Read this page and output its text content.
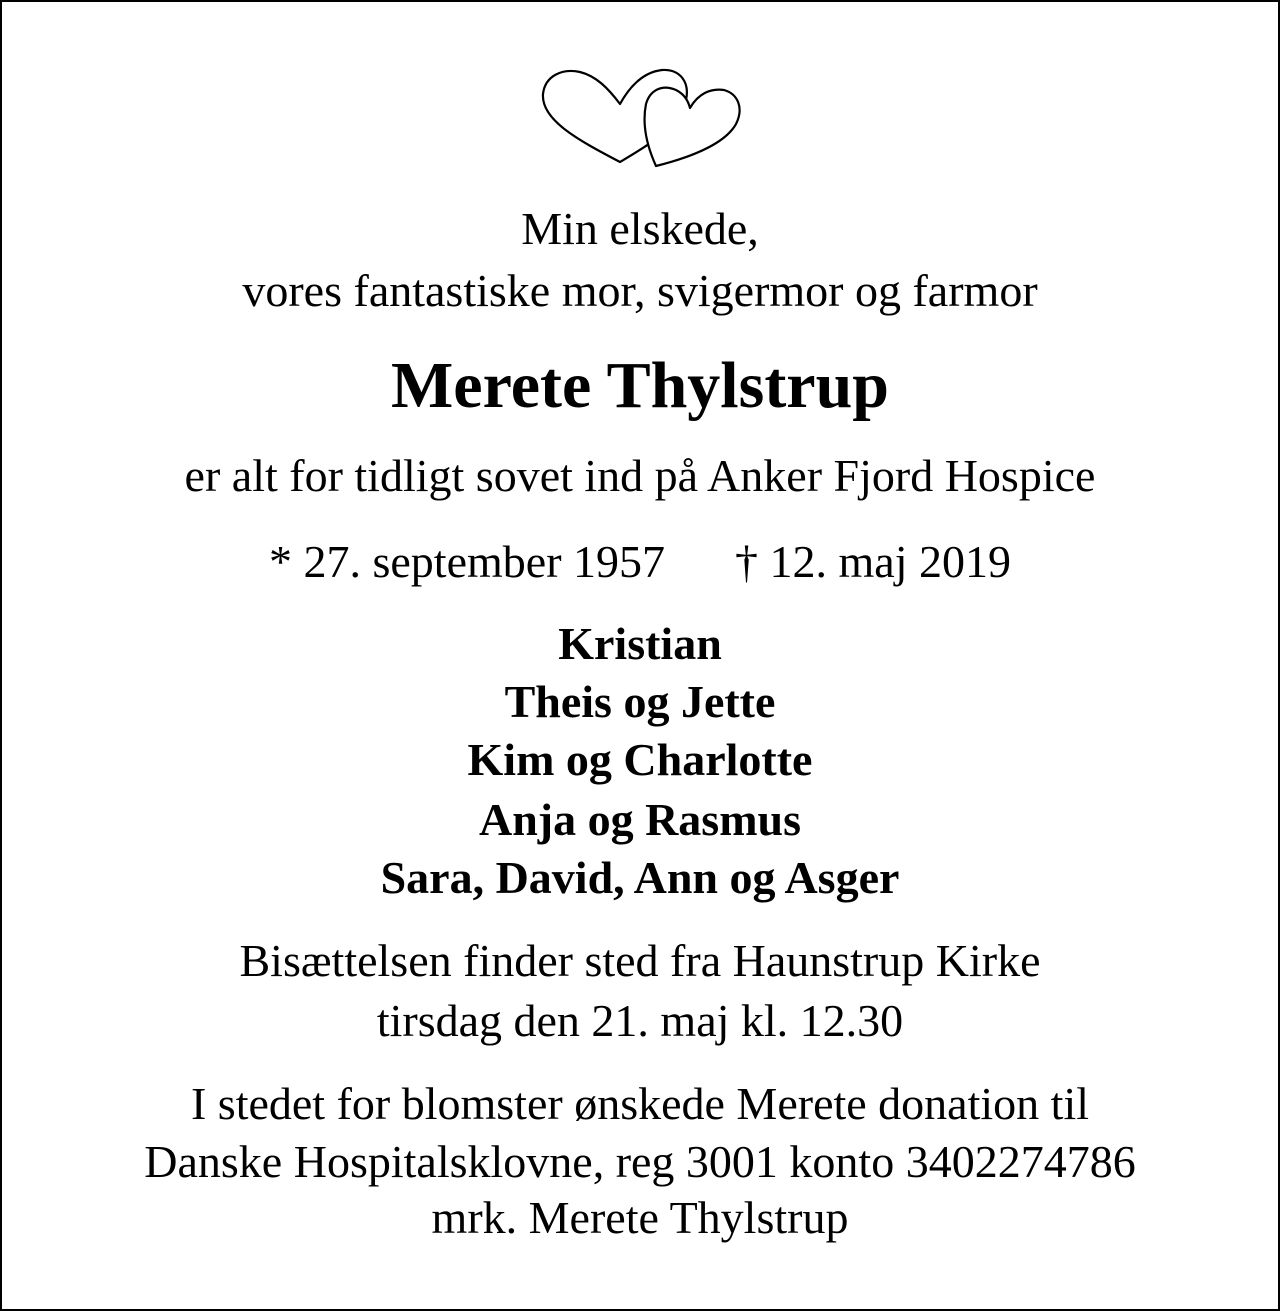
Min elskede,
vores fantastiske mor, svigermor og farmor
Merete Thylstrup
er alt for tidligt sovet ind på Anker Fjord Hospice
* 27. september 1957 † 12. maj 2019
Kristian
Theis og Jette
Kim og Charlotte
Anja og Rasmus
Sara, David, Ann og Asger
Bisættelsen finder sted fra Haunstrup Kirke
tirsdag den 21. maj kl. 12.30
I stedet for blomster ønskede Merete donation til
Danske Hospitalsklovne, reg 3001 konto 3402274786
mrk. Merete Thylstrup
